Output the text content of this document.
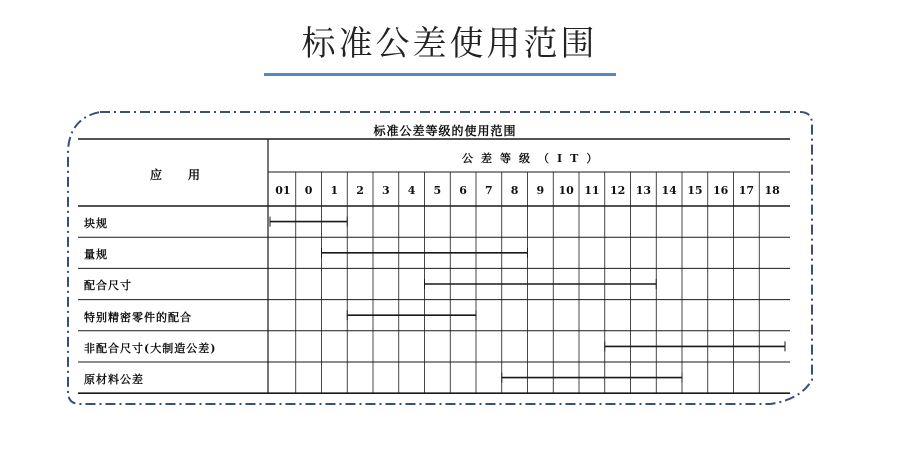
标准公差使用范围
标准公差等级的使用范围
应用
公差等级（IT）
01	0	1	2	3	4	5	6	7	8	9	10 11 12 13 14 15 16 17 18
块规
量规
配合尺寸
特别精密零件的配合
非配合尺寸(大制造公差)
原材料公差
